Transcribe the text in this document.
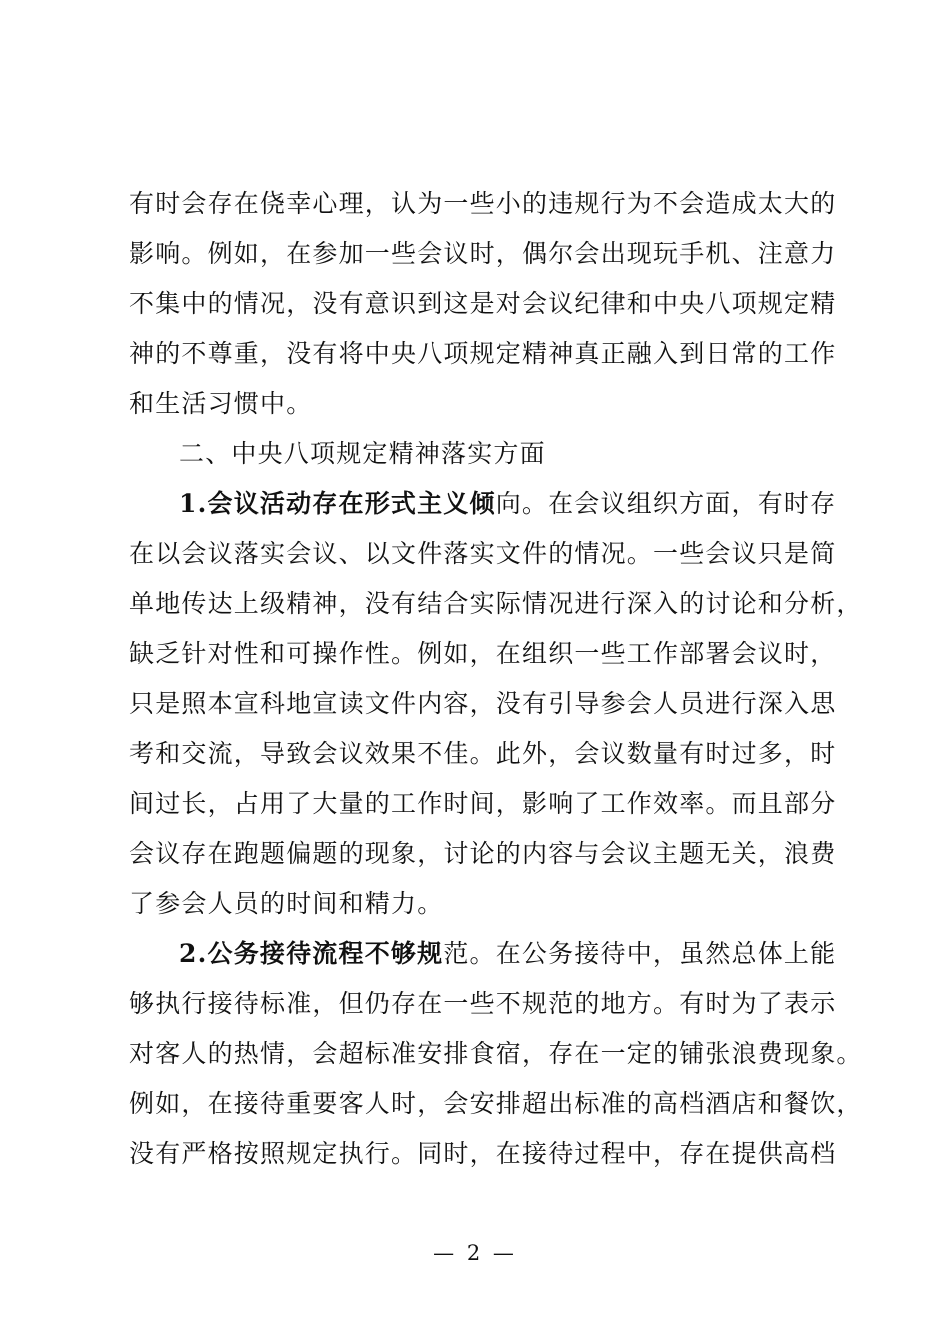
有时会存在侥幸心理，认为一些小的违规行为不会造成太大的
影响。例如，在参加一些会议时，偶尔会出现玩手机、注意力
不集中的情况，没有意识到这是对会议纪律和中央八项规定精
神的不尊重，没有将中央八项规定精神真正融入到日常的工作
和生活习惯中。
二、中央八项规定精神落实方面
1.会议活动存在形式主义倾向。在会议组织方面，有时存
在以会议落实会议、以文件落实文件的情况。一些会议只是简
单地传达上级精神，没有结合实际情况进行深入的讨论和分析，
缺乏针对性和可操作性。例如，在组织一些工作部署会议时，
只是照本宣科地宣读文件内容，没有引导参会人员进行深入思
考和交流，导致会议效果不佳。此外，会议数量有时过多，时
间过长，占用了大量的工作时间，影响了工作效率。而且部分
会议存在跑题偏题的现象，讨论的内容与会议主题无关，浪费
了参会人员的时间和精力。
2.公务接待流程不够规范。在公务接待中，虽然总体上能
够执行接待标准，但仍存在一些不规范的地方。有时为了表示
对客人的热情，会超标准安排食宿，存在一定的铺张浪费现象。
例如，在接待重要客人时，会安排超出标准的高档酒店和餐饮，
没有严格按照规定执行。同时，在接待过程中，存在提供高档
— 2 —
